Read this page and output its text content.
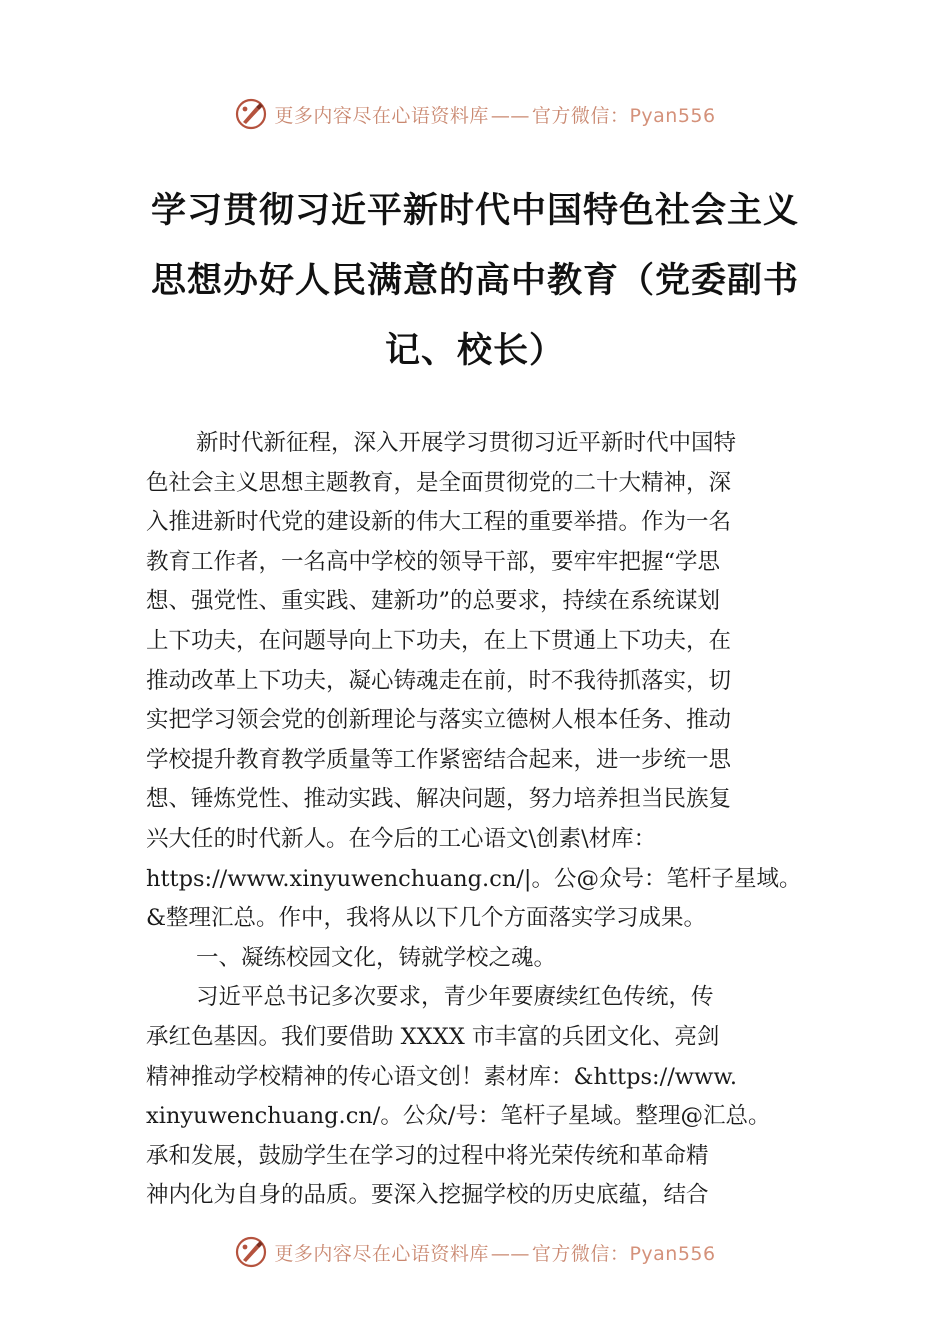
更多内容尽在心语资料库 —— 官方微信：Pyan556
学习贯彻习近平新时代中国特色社会主义
思想办好人民满意的高中教育（党委副书
记、校长）

新时代新征程，深入开展学习贯彻习近平新时代中国特
色社会主义思想主题教育，是全面贯彻党的二十大精神，深
入推进新时代党的建设新的伟大工程的重要举措。作为一名
教育工作者，一名高中学校的领导干部，要牢牢把握“学思
想、强党性、重实践、建新功”的总要求，持续在系统谋划
上下功夫，在问题导向上下功夫，在上下贯通上下功夫，在
推动改革上下功夫，凝心铸魂走在前，时不我待抓落实，切
实把学习领会党的创新理论与落实立德树人根本任务、推动
学校提升教育教学质量等工作紧密结合起来，进一步统一思
想、锤炼党性、推动实践、解决问题，努力培养担当民族复
兴大任的时代新人。在今后的工心语文\创素\材库：
https://www.xinyuwenchuang.cn/|。公@众号：笔杆子星域。
&整理汇总。作中，我将从以下几个方面落实学习成果。

一、凝练校园文化，铸就学校之魂。

习近平总书记多次要求，青少年要赓续红色传统，传
承红色基因。我们要借助 XXXX 市丰富的兵团文化、亮剑
精神推动学校精神的传心语文创！素材库：&https://www.
xinyuwenchuang.cn/。公众/号：笔杆子星域。整理@汇总。
承和发展，鼓励学生在学习的过程中将光荣传统和革命精
神内化为自身的品质。要深入挖掘学校的历史底蕴，结合

更多内容尽在心语资料库 —— 官方微信：Pyan556
